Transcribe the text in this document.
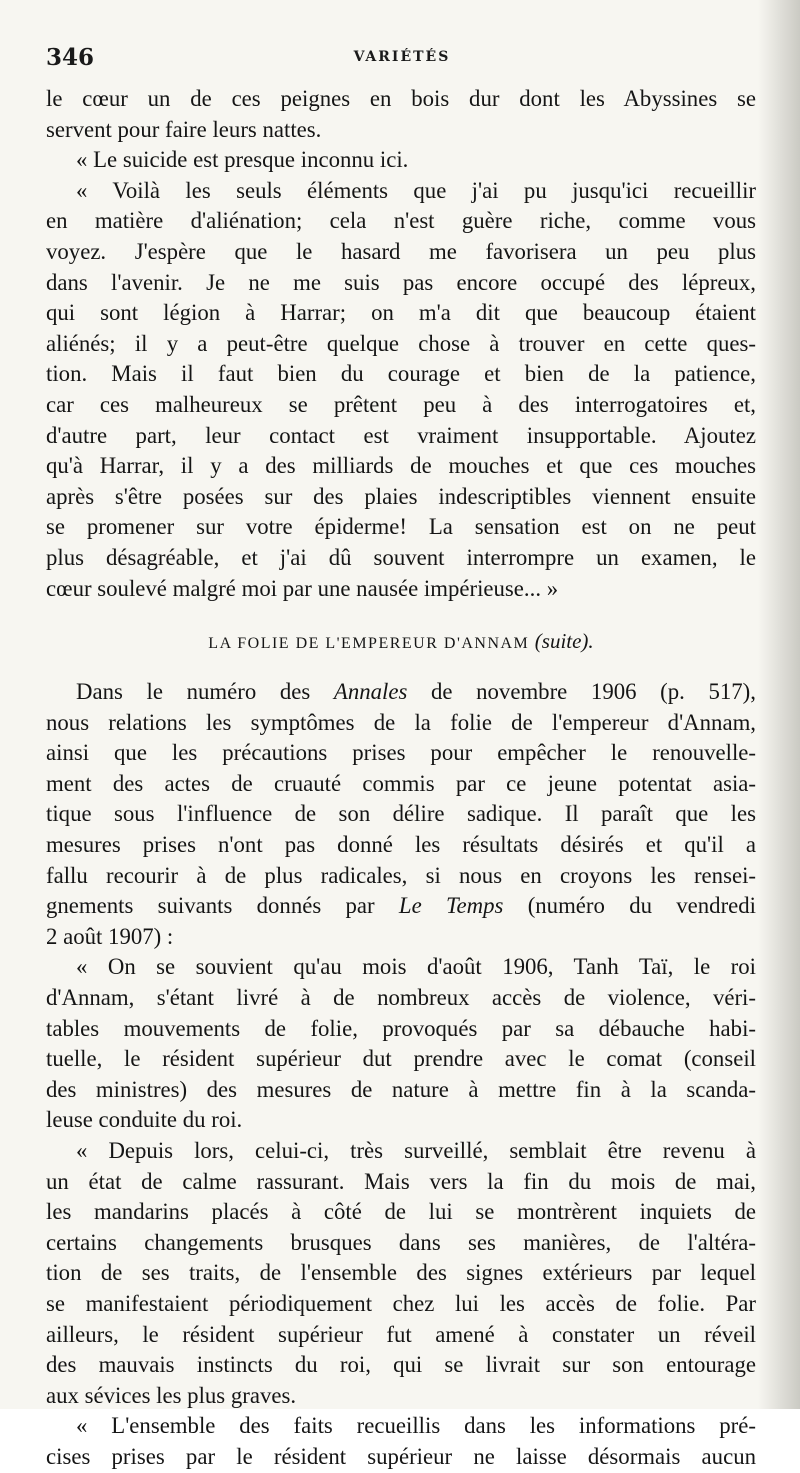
346	VARIÉTÉS
le cœur un de ces peignes en bois dur dont les Abyssines se
servent pour faire leurs nattes.
« Le suicide est presque inconnu ici.
« Voilà les seuls éléments que j'ai pu jusqu'ici recueillir
en matière d'aliénation; cela n'est guère riche, comme vous
voyez. J'espère que le hasard me favorisera un peu plus
dans l'avenir. Je ne me suis pas encore occupé des lépreux,
qui sont légion à Harrar; on m'a dit que beaucoup étaient
aliénés; il y a peut-être quelque chose à trouver en cette ques-
tion. Mais il faut bien du courage et bien de la patience,
car ces malheureux se prêtent peu à des interrogatoires et,
d'autre part, leur contact est vraiment insupportable. Ajoutez
qu'à Harrar, il y a des milliards de mouches et que ces mouches
après s'être posées sur des plaies indescriptibles viennent ensuite
se promener sur votre épiderme! La sensation est on ne peut
plus désagréable, et j'ai dû souvent interrompre un examen, le
cœur soulevé malgré moi par une nausée impérieuse... »
LA FOLIE DE L'EMPEREUR D'ANNAM (suite).
Dans le numéro des Annales de novembre 1906 (p. 517),
nous relations les symptômes de la folie de l'empereur d'Annam,
ainsi que les précautions prises pour empêcher le renouvelle-
ment des actes de cruauté commis par ce jeune potentat asia-
tique sous l'influence de son délire sadique. Il paraît que les
mesures prises n'ont pas donné les résultats désirés et qu'il a
fallu recourir à de plus radicales, si nous en croyons les rensei-
gnements suivants donnés par Le Temps (numéro du vendredi
2 août 1907) :
« On se souvient qu'au mois d'août 1906, Tanh Taï, le roi
d'Annam, s'étant livré à de nombreux accès de violence, véri-
tables mouvements de folie, provoqués par sa débauche habi-
tuelle, le résident supérieur dut prendre avec le comat (conseil
des ministres) des mesures de nature à mettre fin à la scanda-
leuse conduite du roi.
« Depuis lors, celui-ci, très surveillé, semblait être revenu à
un état de calme rassurant. Mais vers la fin du mois de mai,
les mandarins placés à côté de lui se montrèrent inquiets de
certains changements brusques dans ses manières, de l'altéra-
tion de ses traits, de l'ensemble des signes extérieurs par lequel
se manifestaient périodiquement chez lui les accès de folie. Par
ailleurs, le résident supérieur fut amené à constater un réveil
des mauvais instincts du roi, qui se livrait sur son entourage
aux sévices les plus graves.
« L'ensemble des faits recueillis dans les informations pré-
cises prises par le résident supérieur ne laisse désormais aucun
